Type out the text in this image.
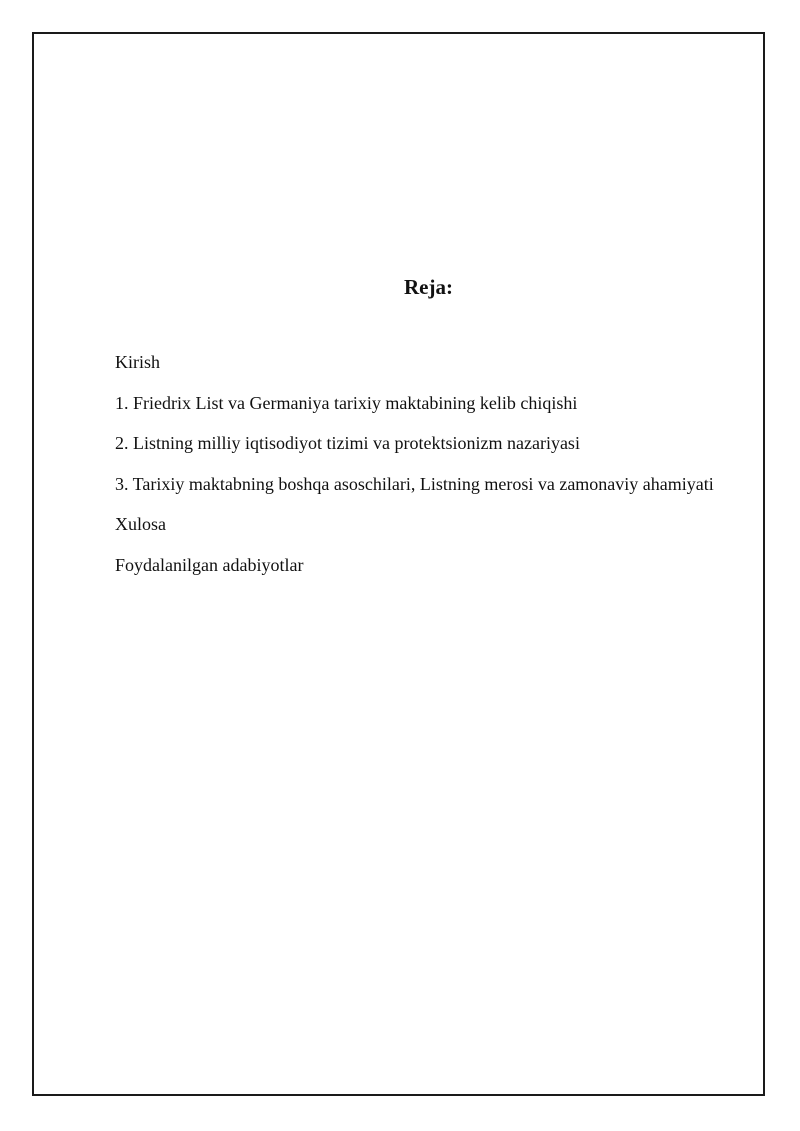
Reja:
Kirish
1. Friedrix List va Germaniya tarixiy maktabining kelib chiqishi
2. Listning milliy iqtisodiyot tizimi va protektsionizm nazariyasi
3. Tarixiy maktabning boshqa asoschilari, Listning merosi va zamonaviy ahamiyati
Xulosa
Foydalanilgan adabiyotlar
